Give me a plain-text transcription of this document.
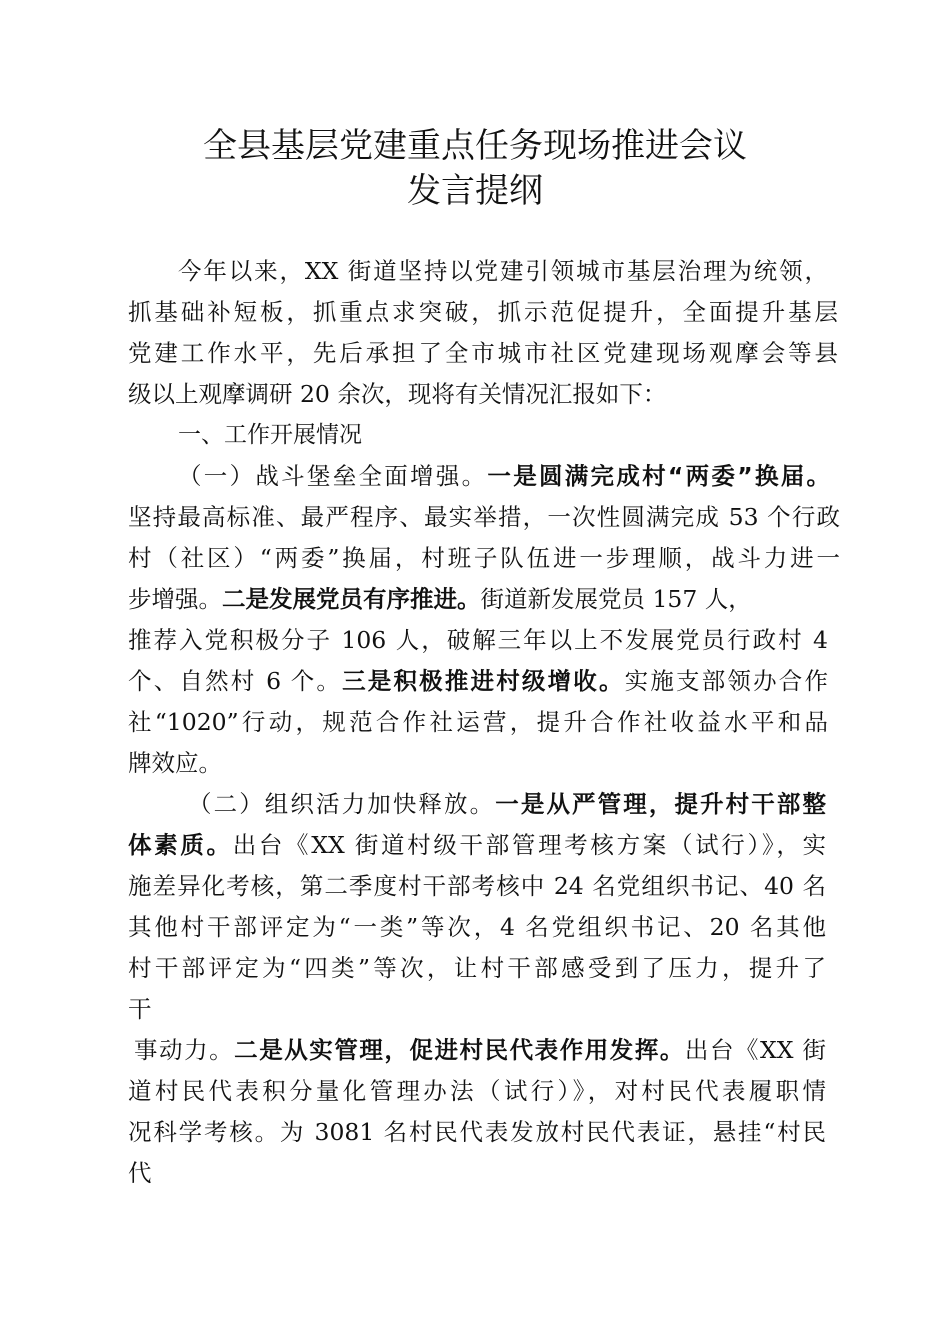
全县基层党建重点任务现场推进会议
发言提纲
今年以来，XX 街道坚持以党建引领城市基层治理为统领，
抓基础补短板，抓重点求突破，抓示范促提升，全面提升基层
党建工作水平，先后承担了全市城市社区党建现场观摩会等县
级以上观摩调研 20 余次，现将有关情况汇报如下：
一、工作开展情况
（一）战斗堡垒全面增强。一是圆满完成村“两委”换届。
坚持最高标准、最严程序、最实举措，一次性圆满完成 53 个行政
村（社区）“两委”换届，村班子队伍进一步理顺，战斗力进一
步增强。二是发展党员有序推进。街道新发展党员 157 人，
推荐入党积极分子 106 人，破解三年以上不发展党员行政村 4
个、自然村 6 个。三是积极推进村级增收。实施支部领办合作
社“1020”行动，规范合作社运营，提升合作社收益水平和品
牌效应。
（二）组织活力加快释放。一是从严管理，提升村干部整
体素质。出台《XX 街道村级干部管理考核方案（试行）》，实
施差异化考核，第二季度村干部考核中 24 名党组织书记、40 名
其他村干部评定为“一类”等次，4 名党组织书记、20 名其他
村干部评定为“四类”等次，让村干部感受到了压力，提升了
干
事动力。二是从实管理，促进村民代表作用发挥。出台《XX 街
道村民代表积分量化管理办法（试行）》，对村民代表履职情
况科学考核。为 3081 名村民代表发放村民代表证，悬挂“村民
代
